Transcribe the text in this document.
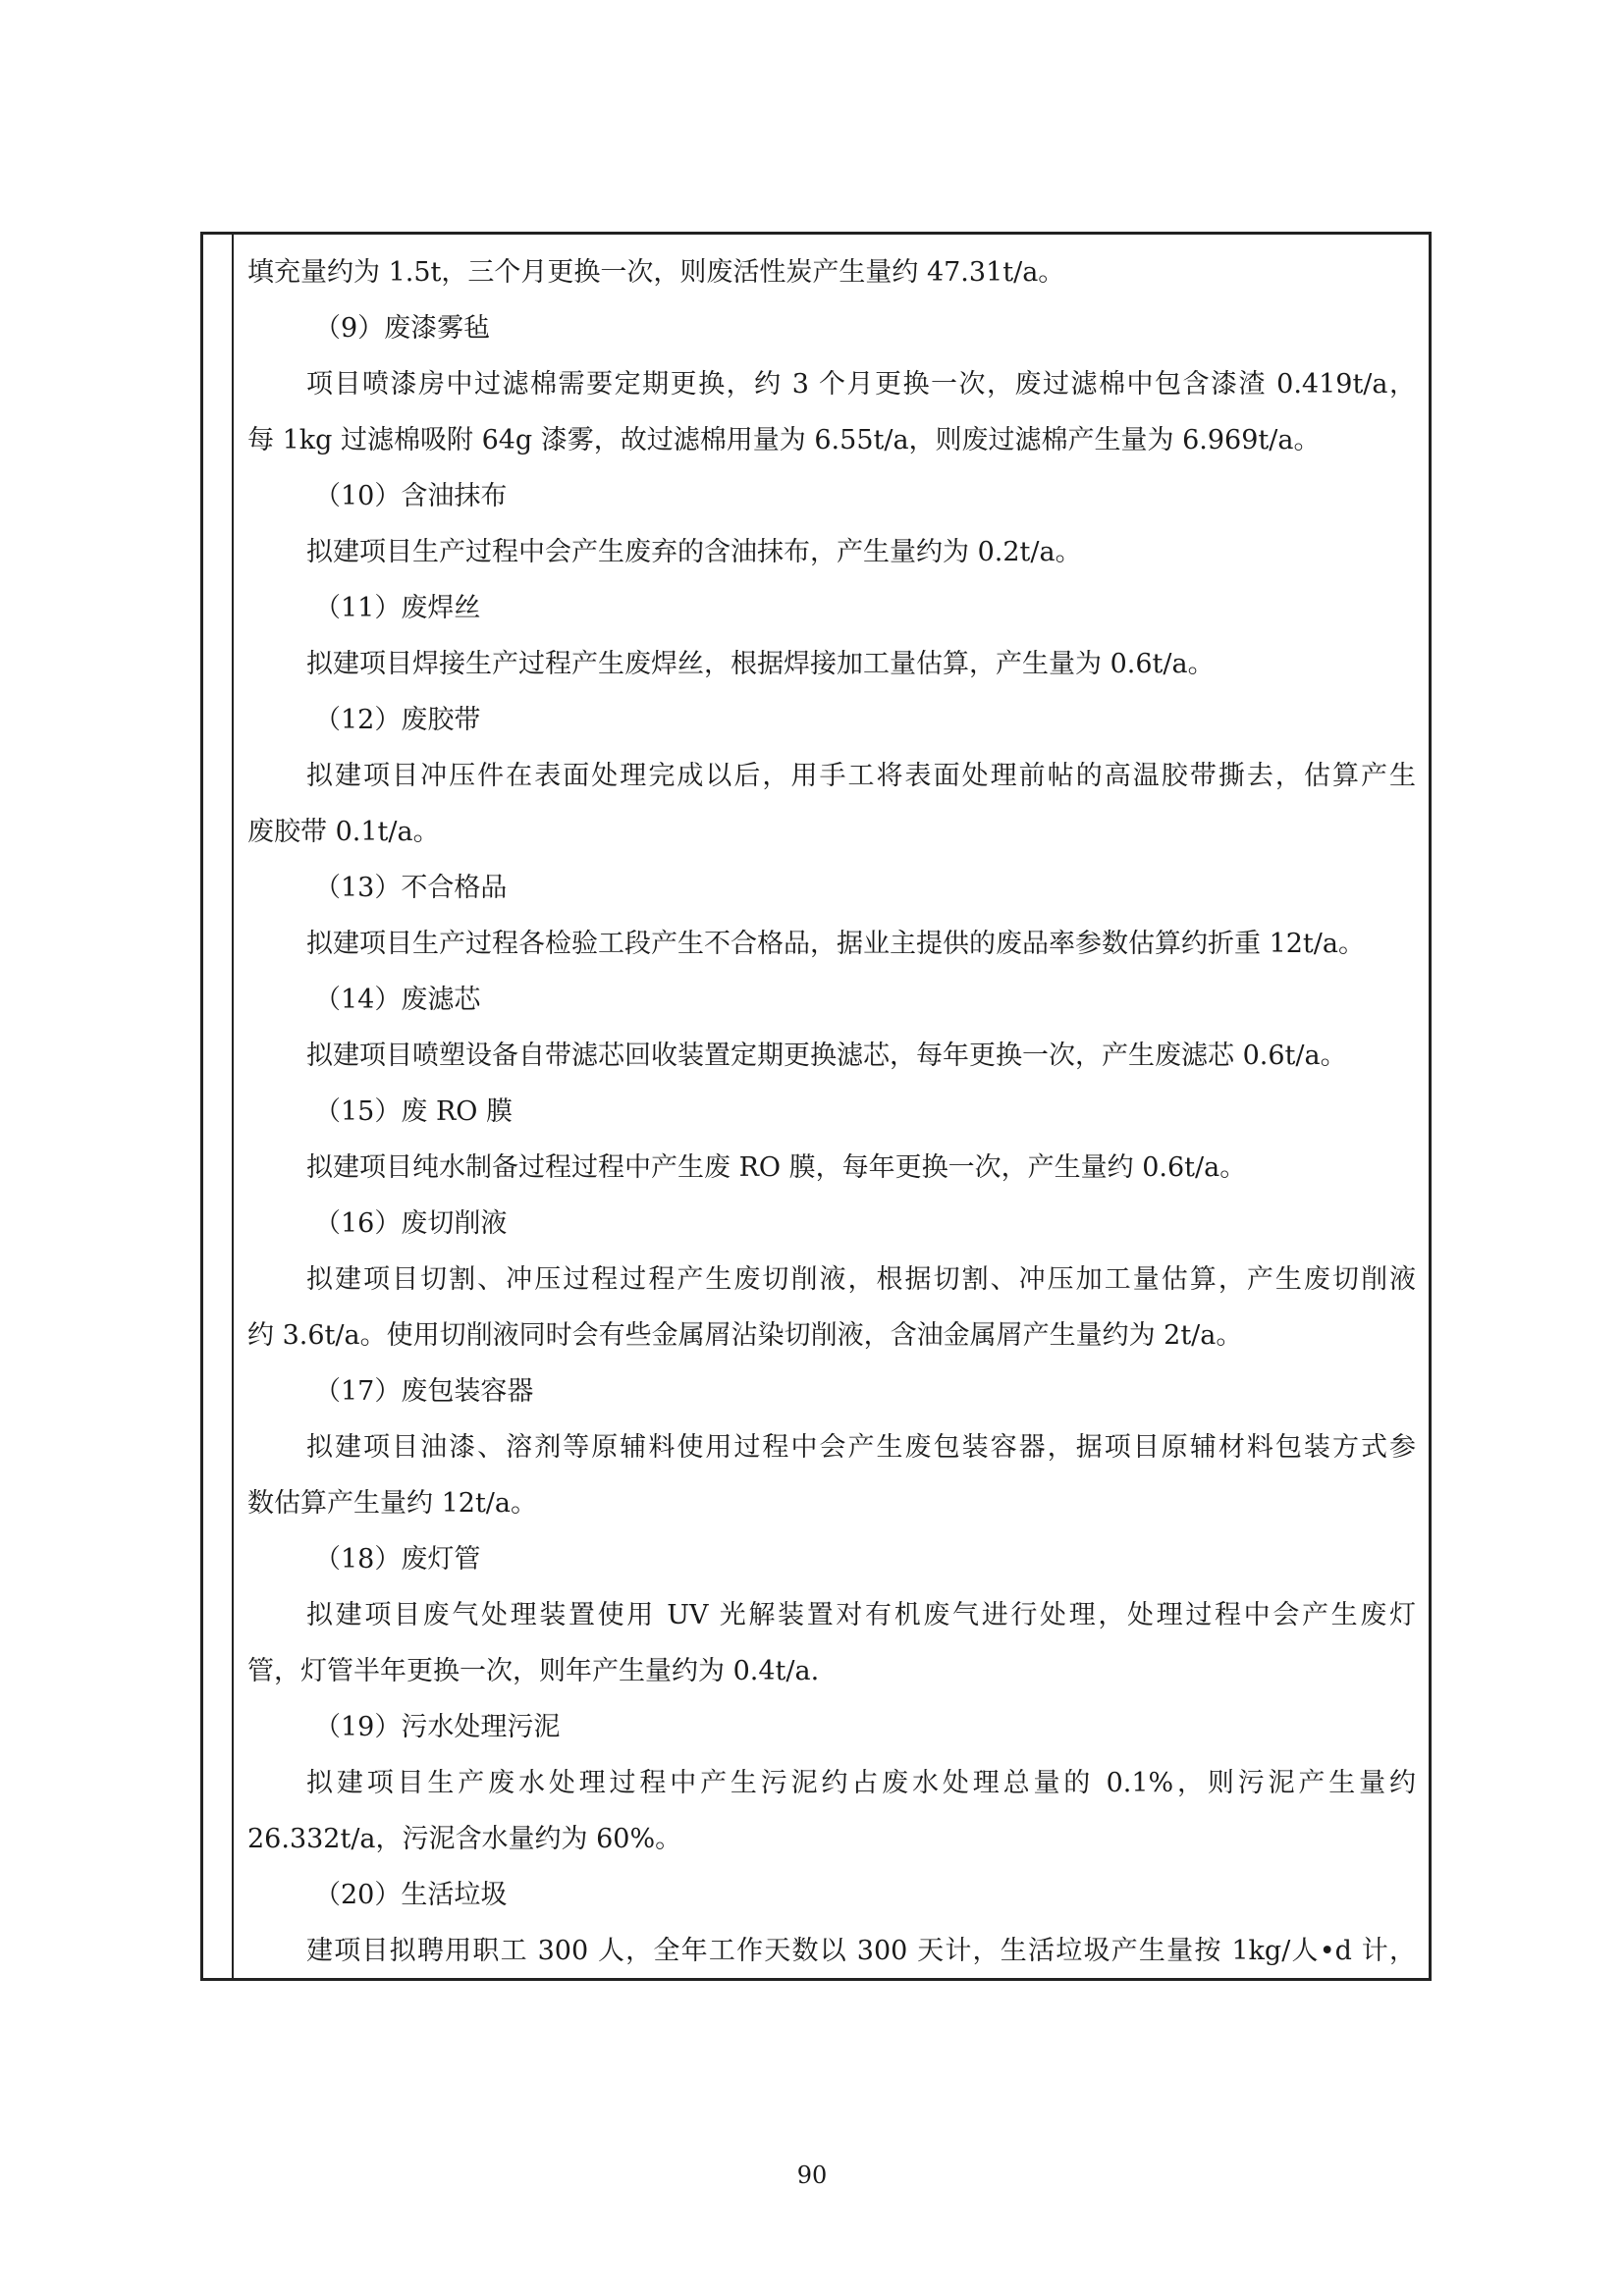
填充量约为 1.5t，三个月更换一次，则废活性炭产生量约 47.31t/a。
（9）废漆雾毡
项目喷漆房中过滤棉需要定期更换，约 3 个月更换一次，废过滤棉中包含漆渣 0.419t/a，
每 1kg 过滤棉吸附 64g 漆雾，故过滤棉用量为 6.55t/a，则废过滤棉产生量为 6.969t/a。
（10）含油抹布
拟建项目生产过程中会产生废弃的含油抹布，产生量约为 0.2t/a。
（11）废焊丝
拟建项目焊接生产过程产生废焊丝，根据焊接加工量估算，产生量为 0.6t/a。
（12）废胶带
拟建项目冲压件在表面处理完成以后，用手工将表面处理前帖的高温胶带撕去，估算产生
废胶带 0.1t/a。
（13）不合格品
拟建项目生产过程各检验工段产生不合格品，据业主提供的废品率参数估算约折重 12t/a。
（14）废滤芯
拟建项目喷塑设备自带滤芯回收装置定期更换滤芯，每年更换一次，产生废滤芯 0.6t/a。
（15）废 RO 膜
拟建项目纯水制备过程过程中产生废 RO 膜，每年更换一次，产生量约 0.6t/a。
（16）废切削液
拟建项目切割、冲压过程过程产生废切削液，根据切割、冲压加工量估算，产生废切削液
约 3.6t/a。使用切削液同时会有些金属屑沾染切削液，含油金属屑产生量约为 2t/a。
（17）废包装容器
拟建项目油漆、溶剂等原辅料使用过程中会产生废包装容器，据项目原辅材料包装方式参
数估算产生量约 12t/a。
（18）废灯管
拟建项目废气处理装置使用 UV 光解装置对有机废气进行处理，处理过程中会产生废灯
管，灯管半年更换一次，则年产生量约为 0.4t/a.
（19）污水处理污泥
拟建项目生产废水处理过程中产生污泥约占废水处理总量的 0.1%，则污泥产生量约
26.332t/a，污泥含水量约为 60%。
（20）生活垃圾
建项目拟聘用职工 300 人，全年工作天数以 300 天计，生活垃圾产生量按 1kg/人•d 计，
90
